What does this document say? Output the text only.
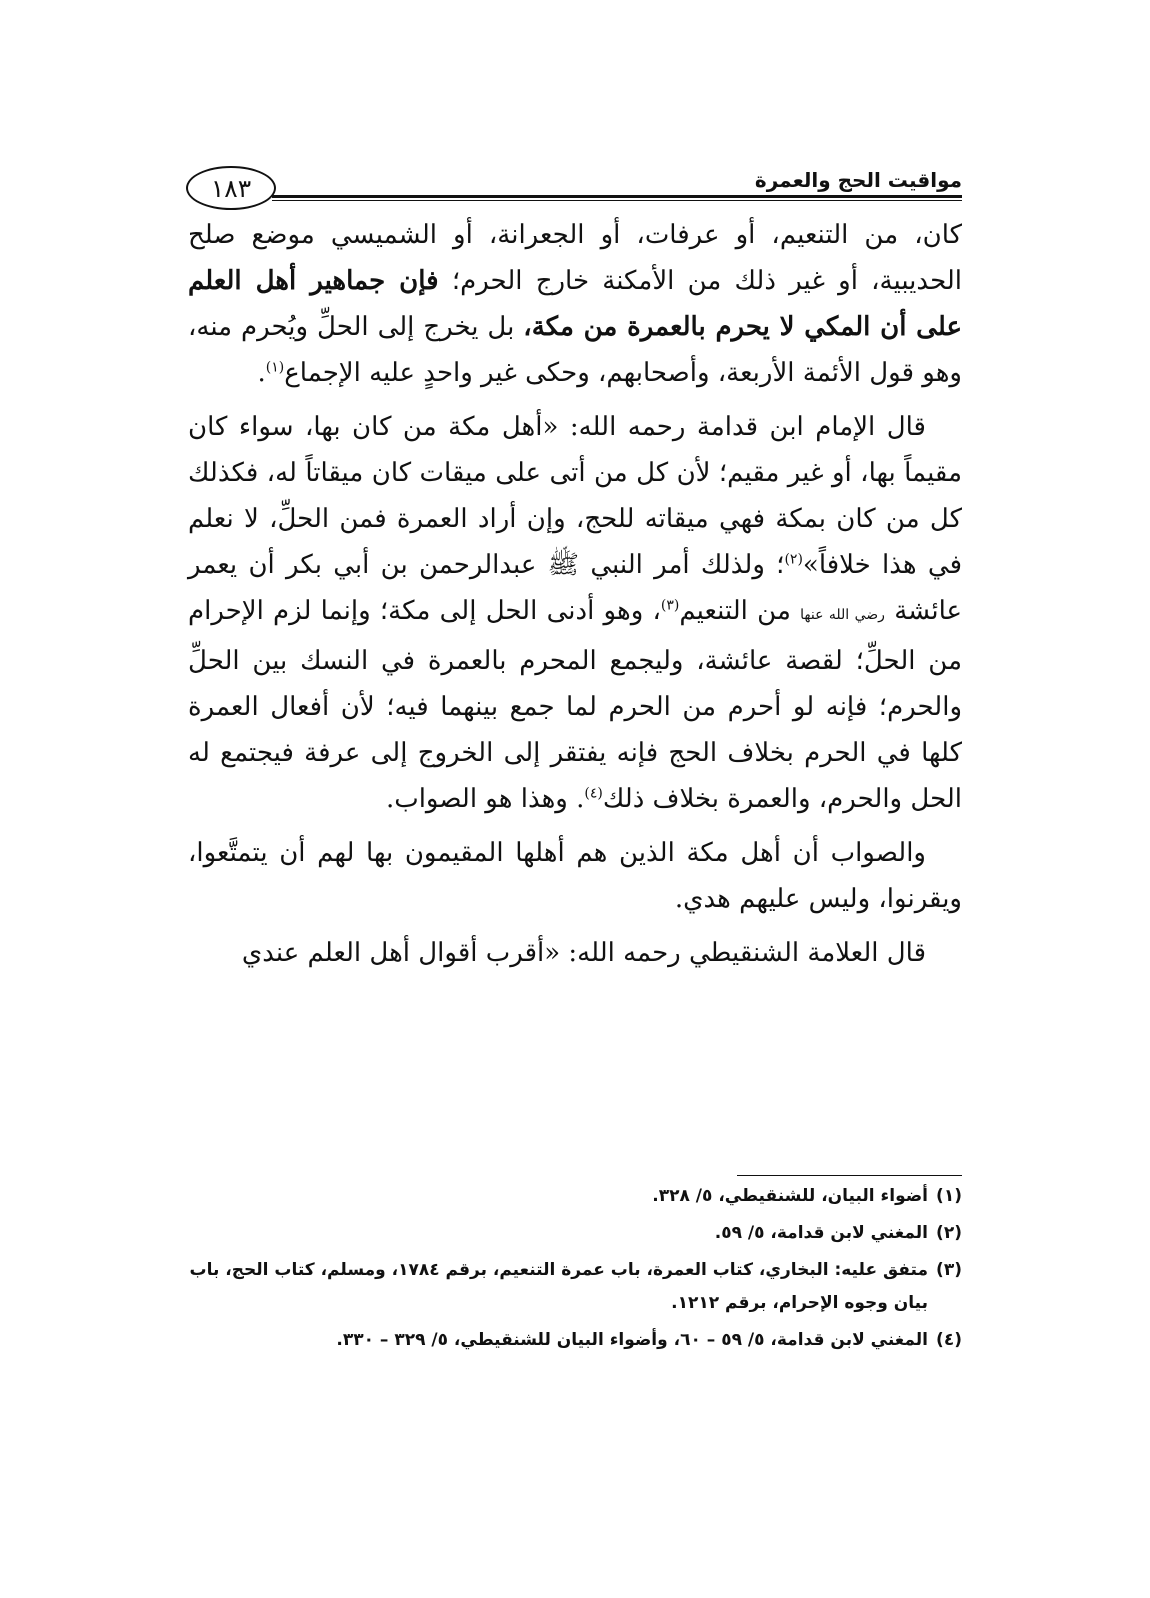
مواقيت الحج والعمرة
١٨٣

كان، من التنعيم، أو عرفات، أو الجعرانة، أو الشميسي موضع صلح الحديبية، أو غير ذلك من الأمكنة خارج الحرم؛ فإن جماهير أهل العلم على أن المكي لا يحرم بالعمرة من مكة، بل يخرج إلى الحلِّ ويُحرم منه، وهو قول الأئمة الأربعة، وأصحابهم، وحكى غير واحدٍ عليه الإجماع$^{(١)}$.

قال الإمام ابن قدامة رحمه الله: «أهل مكة من كان بها، سواء كان مقيماً بها، أو غير مقيم؛ لأن كل من أتى على ميقات كان ميقاتاً له، فكذلك كل من كان بمكة فهي ميقاته للحج، وإن أراد العمرة فمن الحلِّ، لا نعلم في هذا خلافاً»$^{(٢)}$؛ ولذلك أمر النبي ﷺ عبدالرحمن بن أبي بكر أن يعمر عائشة رضي الله عنها من التنعيم$^{(٣)}$، وهو أدنى الحل إلى مكة؛ وإنما لزم الإحرام من الحلِّ؛ لقصة عائشة، وليجمع المحرم بالعمرة في النسك بين الحلِّ والحرم؛ فإنه لو أحرم من الحرم لما جمع بينهما فيه؛ لأن أفعال العمرة كلها في الحرم بخلاف الحج فإنه يفتقر إلى الخروج إلى عرفة فيجتمع له الحل والحرم، والعمرة بخلاف ذلك$^{(٤)}$. وهذا هو الصواب.

والصواب أن أهل مكة الذين هم أهلها المقيمون بها لهم أن يتمتَّعوا، ويقرنوا، وليس عليهم هدي.

قال العلامة الشنقيطي رحمه الله: «أقرب أقوال أهل العلم عندي

(١)أضواء البيان، للشنقيطي، ٥/ ٣٢٨.

(٢)المغني لابن قدامة، ٥/ ٥٩.

(٣)متفق عليه: البخاري، كتاب العمرة، باب عمرة التنعيم، برقم ١٧٨٤، ومسلم، كتاب الحج، باب بيان وجوه الإحرام، برقم ١٢١٢.

(٤)المغني لابن قدامة، ٥/ ٥٩ – ٦٠، وأضواء البيان للشنقيطي، ٥/ ٣٢٩ – ٣٣٠.
